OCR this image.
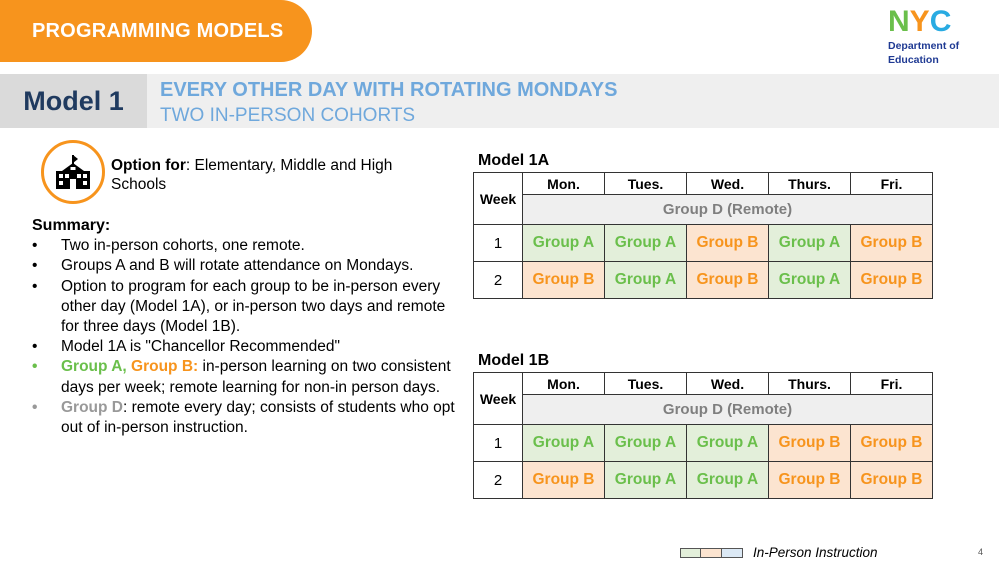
PROGRAMMING MODELS	N Y C
Department of
Education
Model 1	EVERY OTHER DAY WITH ROTATING MONDAYS
TWO IN-PERSON COHORTS
Option for: Elementary, Middle and High Schools
Summary:
• Two in-person cohorts, one remote.
• Groups A and B will rotate attendance on Mondays.
• Option to program for each group to be in-person every other day (Model 1A), or in-person two days and remote for three days (Model 1B).
• Model 1A is "Chancellor Recommended"
• Group A, Group B: in-person learning on two consistent days per week; remote learning for non-in person days.
• Group D: remote every day; consists of students who opt out of in-person instruction.
Model 1A
Week	Mon.	Tues.	Wed.	Thurs.	Fri.
	Group D (Remote)				
1	Group A	Group A	Group B	Group A	Group B
2	Group B	Group A	Group B	Group A	Group B
Model 1B
Week	Mon.	Tues.	Wed.	Thurs.	Fri.
	Group D (Remote)				
1	Group A	Group A	Group A	Group B	Group B
2	Group B	Group A	Group A	Group B	Group B
In-Person Instruction	4
